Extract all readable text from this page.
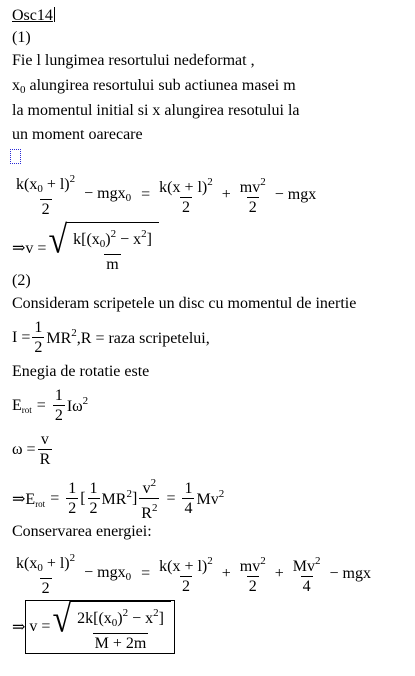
Osc14
(1)
Fie l lungimea resortului nedeformat ,
$x_0$ alungirea resortului sub actiunea masei m
la momentul initial si x alungirea resotului la
un moment oarecare
$\frac{k(x_0 + l)^2}{2} - mgx_0 = \frac{k(x + l)^2}{2} + \frac{mv^2}{2}$ − mgx
⇒v = √ $\frac{k[(x_0)^2 - x^2]}{m}$
(2)
Consideram scripetele un disc cu momentul de inertie
$I = \frac{1}{2} MR^2,R$ = raza scripetelui,
Enegia de rotatie este
$E_{rot} = \frac{1}{2} I\omega^2$
$\omega = \frac{v}{R}$
$\Rightarrow E_{rot} = \frac{1}{2}$ [ $\frac{1}{2} MR^2$ ] $\frac{v^2}{R^2} = \frac{1}{4} Mv^2$
Conservarea energiei:
$\frac{k(x_0 + l)^2}{2} - mgx_0 = \frac{k(x + l)^2}{2} + \frac{mv^2}{2} + \frac{Mv^2}{4}$ − mgx
⇒ v = √ $\frac{2k[(x_0)^2 - x^2]}{M + 2m}$
